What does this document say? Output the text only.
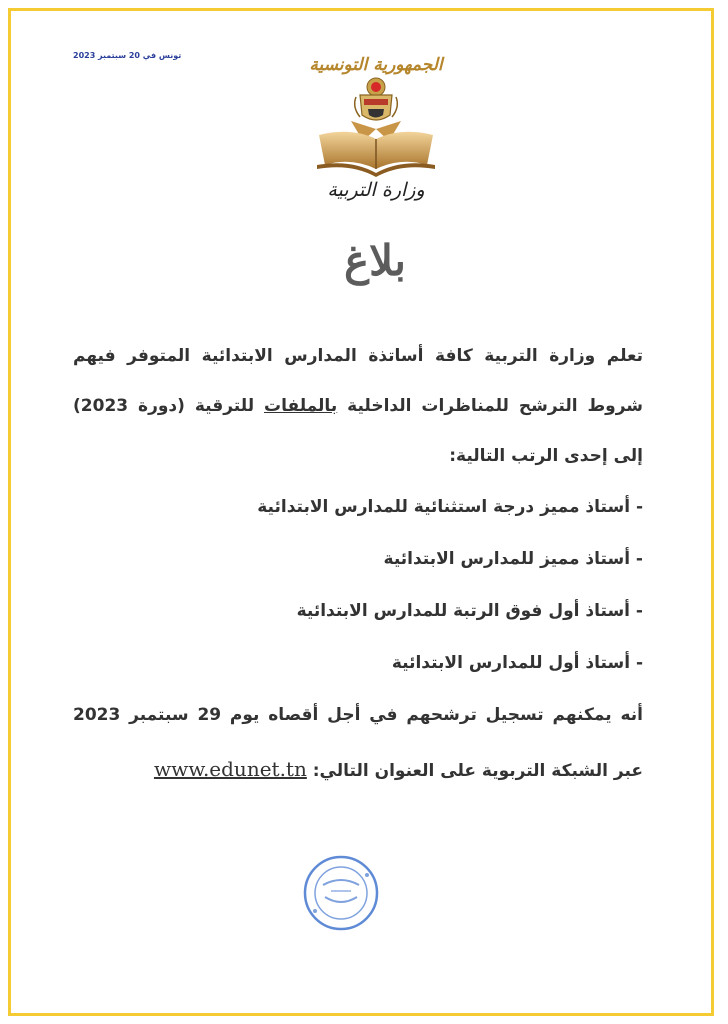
تونس في 20 سبتمبر 2023	الجمهورية التونسية
وزارة التربية
بلاغ
تعلم وزارة التربية كافة أساتذة المدارس الابتدائية المتوفر فيهم شروط الترشح للمناظرات الداخلية بالملفات للترقية (دورة 2023) إلى إحدى الرتب التالية:
- أستاذ مميز درجة استثنائية للمدارس الابتدائية
- أستاذ مميز للمدارس الابتدائية
- أستاذ أول فوق الرتبة للمدارس الابتدائية
- أستاذ أول للمدارس الابتدائية
أنه يمكنهم تسجيل ترشحهم في أجل أقصاه يوم 29 سبتمبر 2023 عبر الشبكة التربوية على العنوان التالي: www.edunet.tn
